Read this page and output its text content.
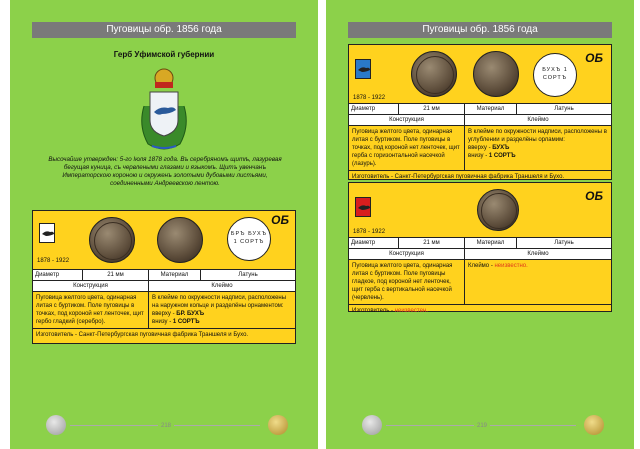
Пуговицы обр. 1856 года
Герб Уфимской губернии
Высочайше утвержден: 5-го Іюля 1878 года. Въ серебряномъ щитѣ, лазуревая бегущая куница, съ червлеными глазами и языкомъ. Щитъ увенчанъ Императорскою короною и окруженъ золотыми дубовыми листьями, соединенными Андреевскою лентою.
1878 - 1922
БРЪ БУХЪ 1 СОРТЪ
ОБ
Диаметр	21 мм	Материал	Латунь
Конструкция	Клеймо
Пуговица желтого цвета, одинарная литая с буртиком. Поле пуговицы в точках, под короной нет ленточек, щит гербо гладкий (серебро).
В клейме по окружности надписи, расположены на наружном кольце и разделёны орнаментом:
вверху - БР. БУХЪ
внизу - 1 СОРТЪ
Изготовитель - Санкт-Петербургская пуговичная фабрика Траншеля и Бухо.
218
Пуговицы обр. 1856 года
1878 - 1922
БУХЪ 1 СОРТЪ
ОБ
Диаметр	21 мм	Материал	Латунь
Конструкция	Клеймо
Пуговица желтого цвета, одинарная литая с буртиком. Поле пуговицы в точках, под короной нет ленточек, щит герба с горизонтальной насечкой (лазурь).
В клейме по окружности надписи, расположены в углублении и разделёны орламим:
вверху - БУХЪ
внизу - 1 СОРТЪ
Изготовитель - Санкт-Петербургская пуговичная фабрика Траншеля и Бухо.
1878 - 1922
ОБ
Диаметр	21 мм	Материал	Латунь
Конструкция	Клеймо
Пуговица желтого цвета, одинарная литая с буртиком. Поле пуговицы гладкое, под короной нет ленточек, щит герба с вертикальной насечкой (червлень).
Клеймо - неизвестно.
Изготовитель - неизвестен.
219
